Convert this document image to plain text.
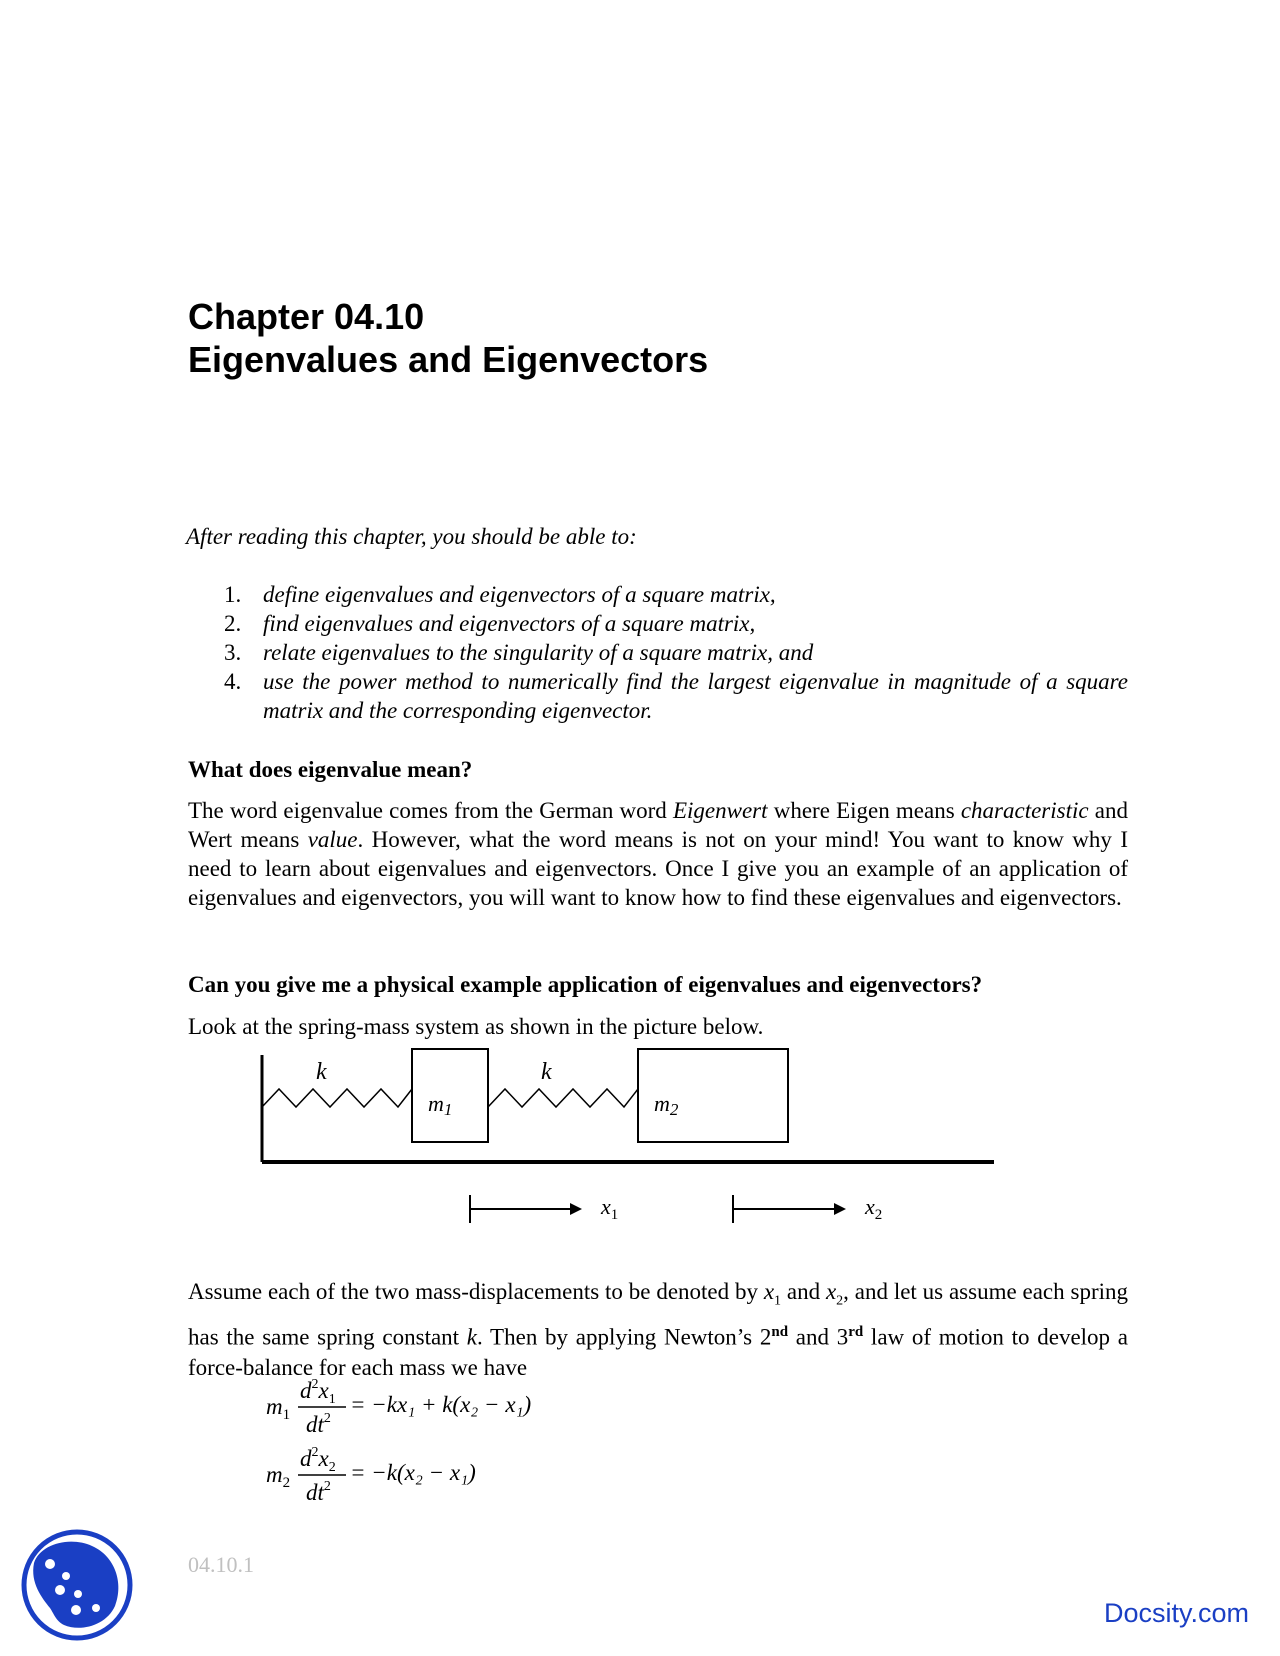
Chapter 04.10
Eigenvalues and Eigenvectors
After reading this chapter, you should be able to:
1. define eigenvalues and eigenvectors of a square matrix,
2. find eigenvalues and eigenvectors of a square matrix,
3. relate eigenvalues to the singularity of a square matrix, and
4. use the power method to numerically find the largest eigenvalue in magnitude of a square matrix and the corresponding eigenvector.
What does eigenvalue mean?
The word eigenvalue comes from the German word Eigenwert where Eigen means characteristic and Wert means value. However, what the word means is not on your mind! You want to know why I need to learn about eigenvalues and eigenvectors. Once I give you an example of an application of eigenvalues and eigenvectors, you will want to know how to find these eigenvalues and eigenvectors.
Can you give me a physical example application of eigenvalues and eigenvectors?
Look at the spring-mass system as shown in the picture below.
k	k
m1	m2
$x_1$	$x_2$
Assume each of the two mass-displacements to be denoted by $x_1$ and $x_2$, and let us assume each spring has the same spring constant k. Then by applying Newton’s 2nd and 3rd law of motion to develop a force-balance for each mass we have
$m_1$
$d^2x_1$
$dt^2$
= −kx₁ + k(x₂ − x₁)
$m_2$
$d^2x_2$
$dt^2$
= −k(x₂ − x₁)
04.10.1
Docsity.com
